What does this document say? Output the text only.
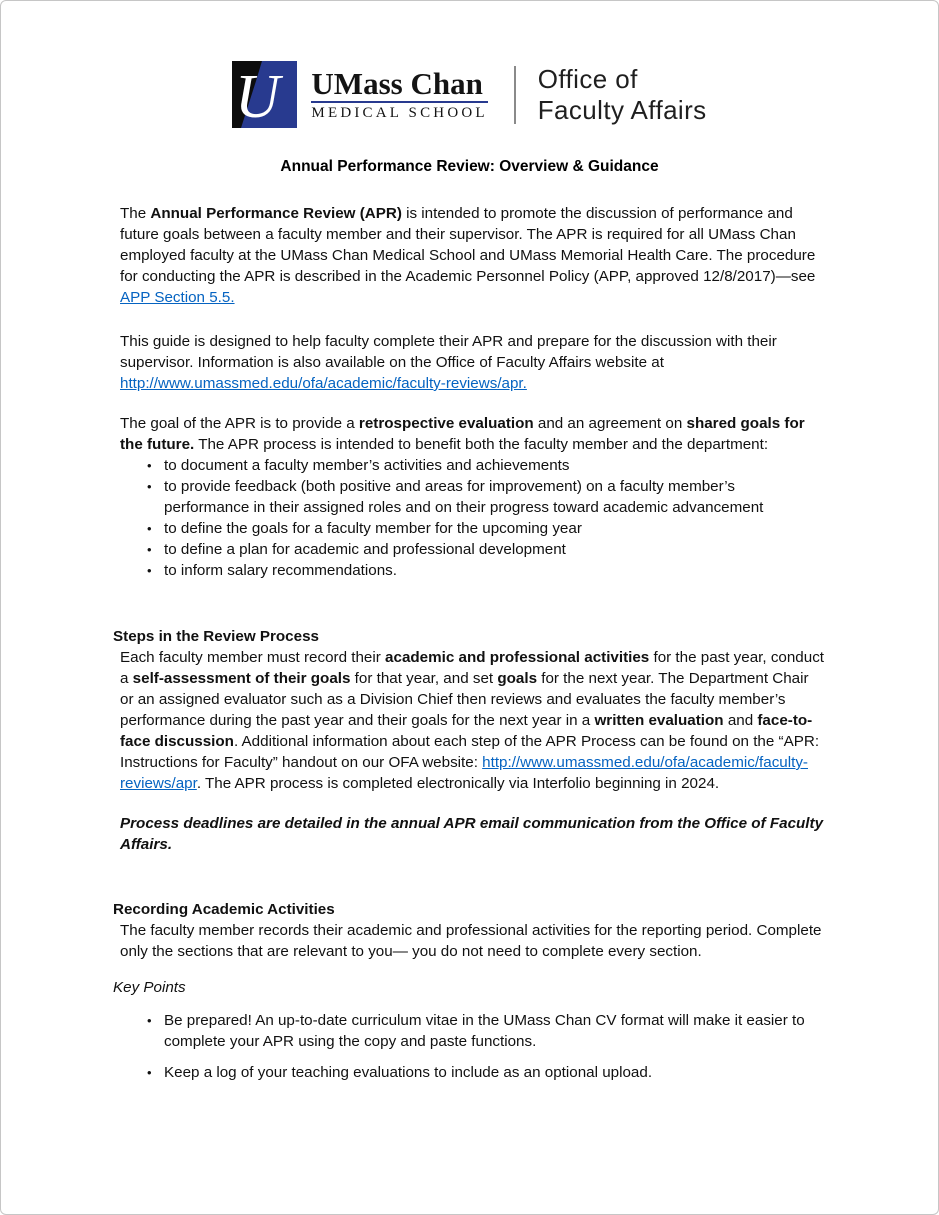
U UMass Chan
MEDICAL SCHOOL
Office of
Faculty Affairs
Annual Performance Review: Overview & Guidance

The Annual Performance Review (APR) is intended to promote the discussion of performance and future goals between a faculty member and their supervisor. The APR is required for all UMass Chan employed faculty at the UMass Chan Medical School and UMass Memorial Health Care. The procedure for conducting the APR is described in the Academic Personnel Policy (APP, approved 12/8/2017)—see APP Section 5.5.

This guide is designed to help faculty complete their APR and prepare for the discussion with their supervisor. Information is also available on the Office of Faculty Affairs website at http://www.umassmed.edu/ofa/academic/faculty-reviews/apr.

The goal of the APR is to provide a retrospective evaluation and an agreement on shared goals for the future. The APR process is intended to benefit both the faculty member and the department:

• to document a faculty member’s activities and achievements
• to provide feedback (both positive and areas for improvement) on a faculty member’s performance in their assigned roles and on their progress toward academic advancement
• to define the goals for a faculty member for the upcoming year
• to define a plan for academic and professional development
• to inform salary recommendations.
Steps in the Review Process

Each faculty member must record their academic and professional activities for the past year, conduct a self-assessment of their goals for that year, and set goals for the next year. The Department Chair or an assigned evaluator such as a Division Chief then reviews and evaluates the faculty member’s performance during the past year and their goals for the next year in a written evaluation and face-to- face discussion. Additional information about each step of the APR Process can be found on the “APR: Instructions for Faculty” handout on our OFA website: http://www.umassmed.edu/ofa/academic/faculty-reviews/apr. The APR process is completed electronically via Interfolio beginning in 2024.

Process deadlines are detailed in the annual APR email communication from the Office of Faculty Affairs.

Recording Academic Activities

The faculty member records their academic and professional activities for the reporting period. Complete only the sections that are relevant to you— you do not need to complete every section.

Key Points
• Be prepared! An up-to-date curriculum vitae in the UMass Chan CV format will make it easier to complete your APR using the copy and paste functions.
• Keep a log of your teaching evaluations to include as an optional upload.
